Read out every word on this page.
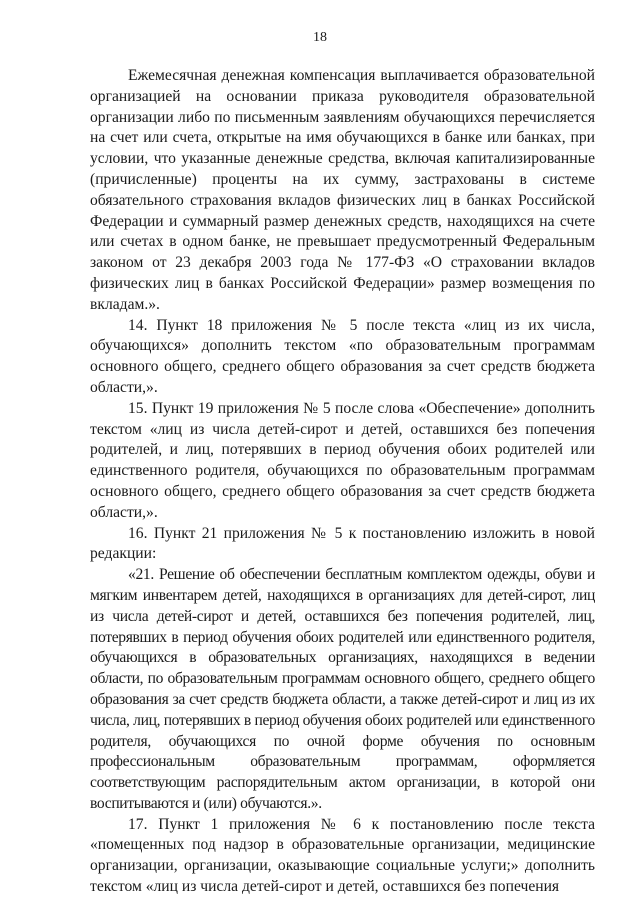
18

Ежемесячная денежная компенсация выплачивается образовательной организацией на основании приказа руководителя образовательной организации либо по письменным заявлениям обучающихся перечисляется на счет или счета, открытые на имя обучающихся в банке или банках, при условии, что указанные денежные средства, включая капитализированные (причисленные) проценты на их сумму, застрахованы в системе обязательного страхования вкладов физических лиц в банках Российской Федерации и суммарный размер денежных средств, находящихся на счете или счетах в одном банке, не превышает предусмотренный Федеральным законом от 23 декабря 2003 года № 177-ФЗ «О страховании вкладов физических лиц в банках Российской Федерации» размер возмещения по вкладам.».

14. Пункт 18 приложения № 5 после текста «лиц из их числа, обучающихся» дополнить текстом «по образовательным программам основного общего, среднего общего образования за счет средств бюджета области,».

15. Пункт 19 приложения № 5 после слова «Обеспечение» дополнить текстом «лиц из числа детей-сирот и детей, оставшихся без попечения родителей, и лиц, потерявших в период обучения обоих родителей или единственного родителя, обучающихся по образовательным программам основного общего, среднего общего образования за счет средств бюджета области,».

16. Пункт 21 приложения № 5 к постановлению изложить в новой редакции:

«21. Решение об обеспечении бесплатным комплектом одежды, обуви и мягким инвентарем детей, находящихся в организациях для детей-сирот, лиц из числа детей-сирот и детей, оставшихся без попечения родителей, лиц, потерявших в период обучения обоих родителей или единственного родителя, обучающихся в образовательных организациях, находящихся в ведении области, по образовательным программам основного общего, среднего общего образования за счет средств бюджета области, а также детей-сирот и лиц из их числа, лиц, потерявших в период обучения обоих родителей или единственного родителя, обучающихся по очной форме обучения по основным профессиональным образовательным программам, оформляется соответствующим распорядительным актом организации, в которой они воспитываются и (или) обучаются.».

17. Пункт 1 приложения № 6 к постановлению после текста «помещенных под надзор в образовательные организации, медицинские организации, организации, оказывающие социальные услуги;» дополнить текстом «лиц из числа детей-сирот и детей, оставшихся без попечения
